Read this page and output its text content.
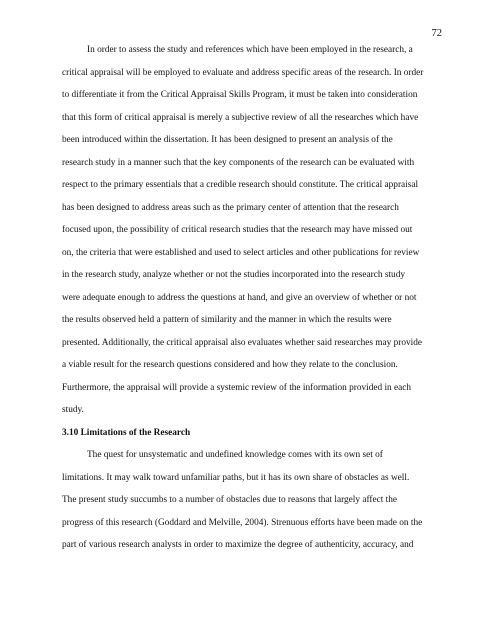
72

In order to assess the study and references which have been employed in the research, a
critical appraisal will be employed to evaluate and address specific areas of the research. In order
to differentiate it from the Critical Appraisal Skills Program, it must be taken into consideration
that this form of critical appraisal is merely a subjective review of all the researches which have
been introduced within the dissertation. It has been designed to present an analysis of the
research study in a manner such that the key components of the research can be evaluated with
respect to the primary essentials that a credible research should constitute. The critical appraisal
has been designed to address areas such as the primary center of attention that the research
focused upon, the possibility of critical research studies that the research may have missed out
on, the criteria that were established and used to select articles and other publications for review
in the research study, analyze whether or not the studies incorporated into the research study
were adequate enough to address the questions at hand, and give an overview of whether or not
the results observed held a pattern of similarity and the manner in which the results were
presented. Additionally, the critical appraisal also evaluates whether said researches may provide
a viable result for the research questions considered and how they relate to the conclusion.
Furthermore, the appraisal will provide a systemic review of the information provided in each
study.

3.10 Limitations of the Research

The quest for unsystematic and undefined knowledge comes with its own set of
limitations. It may walk toward unfamiliar paths, but it has its own share of obstacles as well.
The present study succumbs to a number of obstacles due to reasons that largely affect the
progress of this research (Goddard and Melville, 2004). Strenuous efforts have been made on the
part of various research analysts in order to maximize the degree of authenticity, accuracy, and
